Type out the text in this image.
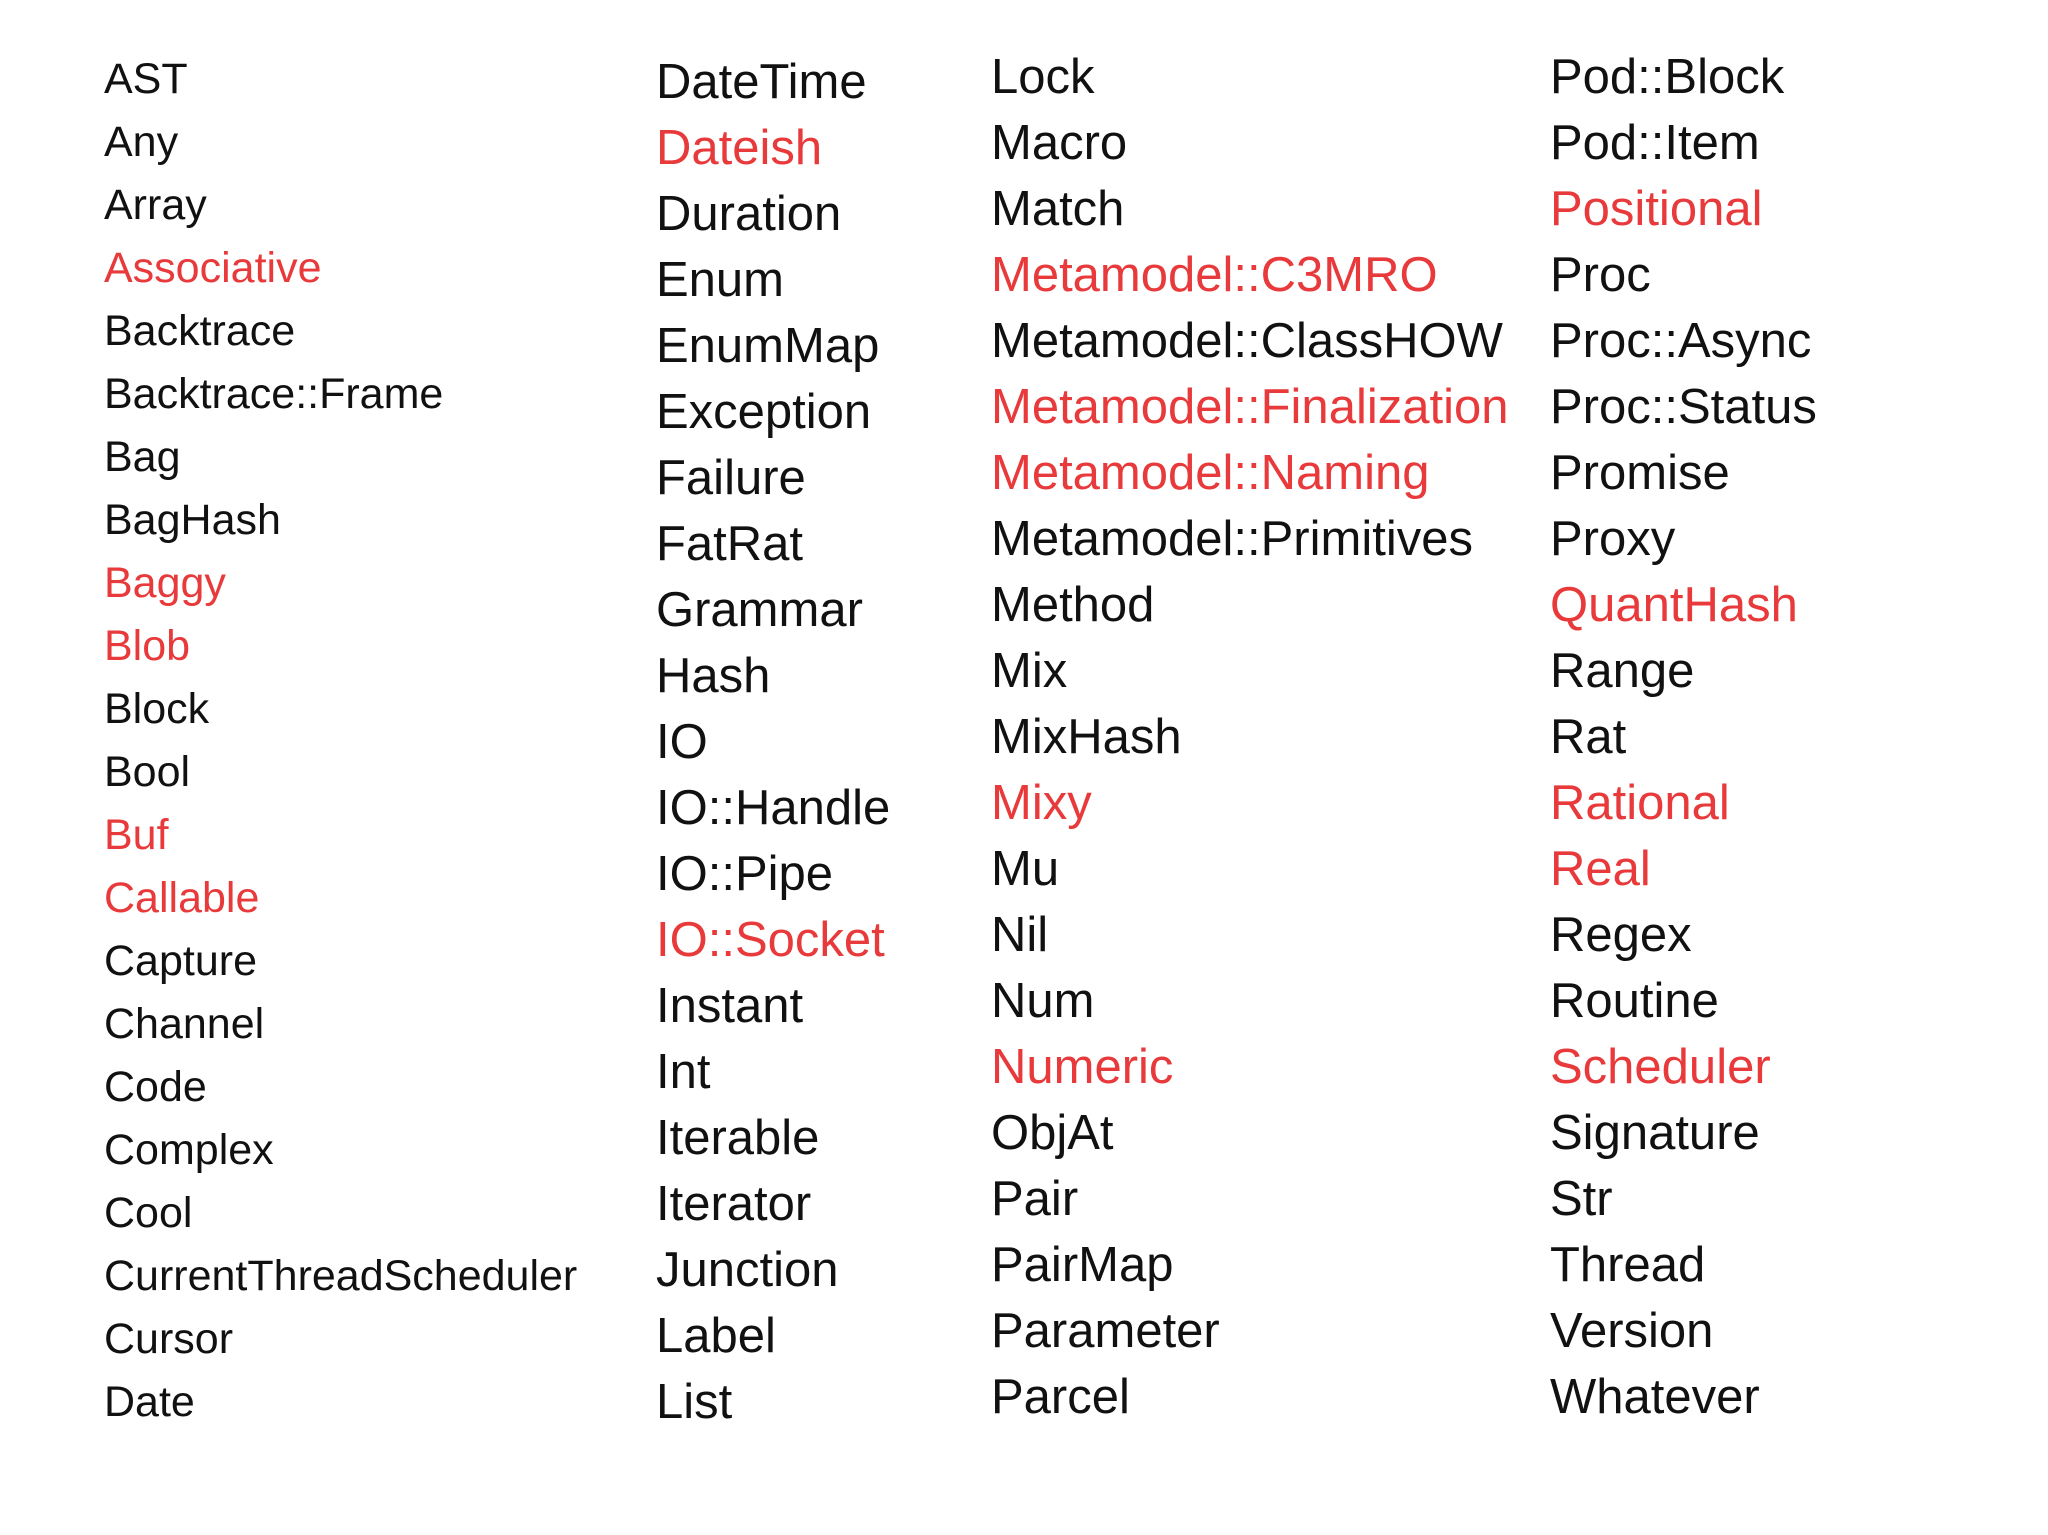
AST
Any
Array
Associative
Backtrace
Backtrace::Frame
Bag
BagHash
Baggy
Blob
Block
Bool
Buf
Callable
Capture
Channel
Code
Complex
Cool
CurrentThreadScheduler
Cursor
Date
DateTime
Dateish
Duration
Enum
EnumMap
Exception
Failure
FatRat
Grammar
Hash
IO
IO::Handle
IO::Pipe
IO::Socket
Instant
Int
Iterable
Iterator
Junction
Label
List
Lock
Macro
Match
Metamodel::C3MRO
Metamodel::ClassHOW
Metamodel::Finalization
Metamodel::Naming
Metamodel::Primitives
Method
Mix
MixHash
Mixy
Mu
Nil
Num
Numeric
ObjAt
Pair
PairMap
Parameter
Parcel
Pod::Block
Pod::Item
Positional
Proc
Proc::Async
Proc::Status
Promise
Proxy
QuantHash
Range
Rat
Rational
Real
Regex
Routine
Scheduler
Signature
Str
Thread
Version
Whatever
